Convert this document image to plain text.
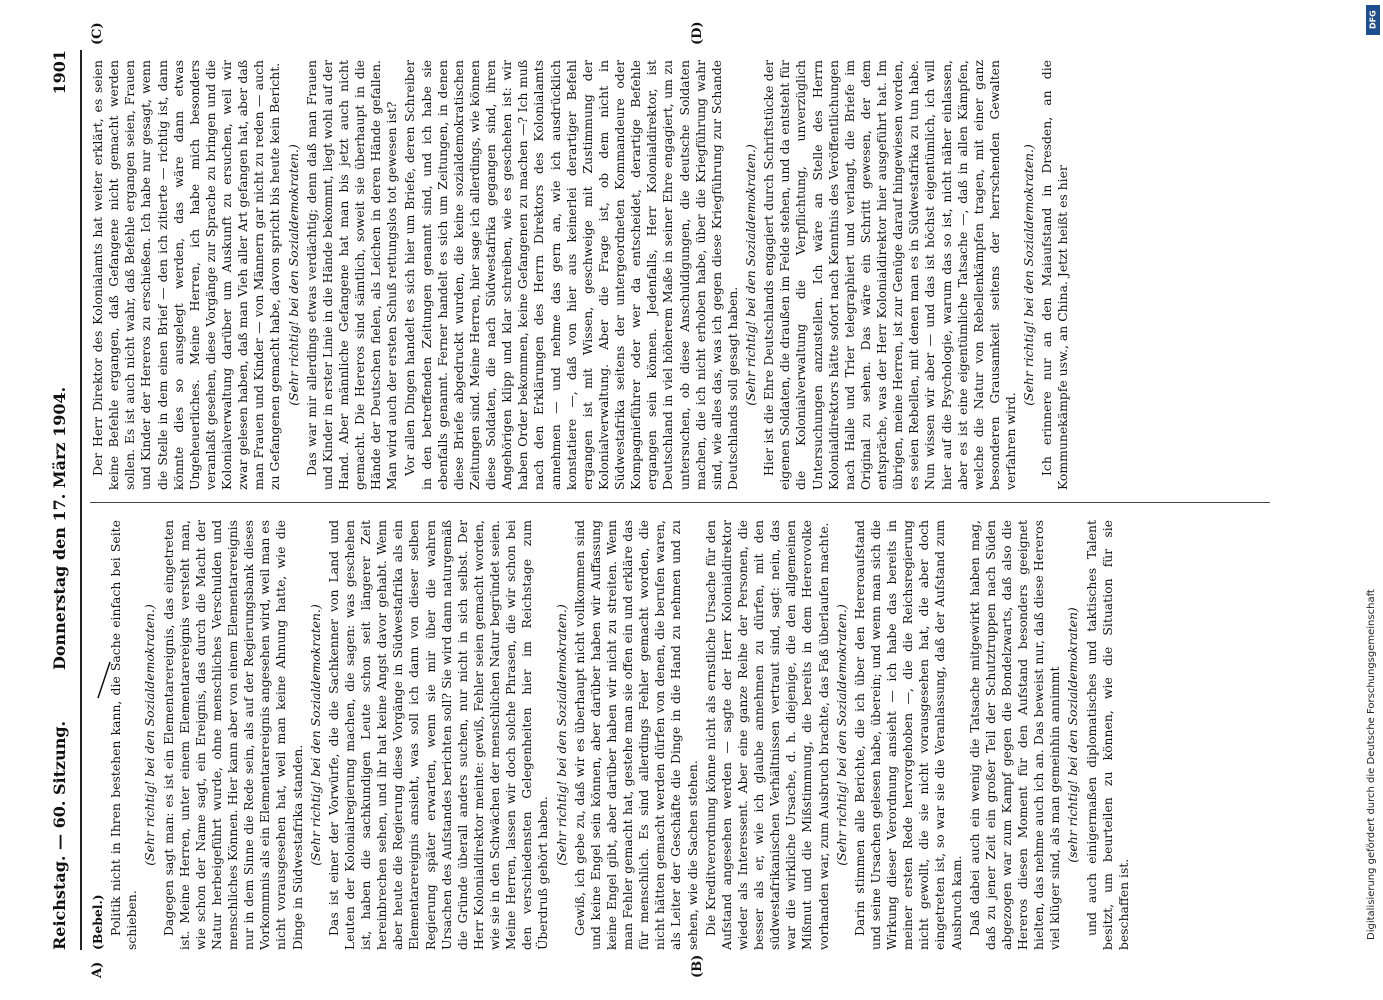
Reichstag. — 60. Sitzung.
Donnerstag den 17. März 1904.
1901

(Bebel.) Politik nicht in Ihren bestehen kann, die Sache einfach bei Seite schieben.

(Sehr richtig! bei den Sozialdemokraten.) Dagegen sagt man: es ist ein Elementarereignis, das eingetreten ist. Meine Herren, unter einem Elementarereignis versteht man, wie schon der Name sagt, ein Ereignis, das durch die Macht der Natur herbeigeführt wurde, ohne menschliches Verschulden und menschliches Können. Hier kann aber von einem Elementarereignis nur in dem Sinne die Rede sein, als auf der Regierungsbank dieses Vorkommnis als ein Elementarereignis angesehen wird, weil man es nicht vorausgesehen hat, weil man keine Ahnung hatte, wie die Dinge in Südwestafrika standen. (Sehr richtig! bei den Sozialdemokraten.) Das ist einer der Vorwürfe, die die Sachkenner von Land und Leuten der Kolonialregierung machen, die sagen: was geschehen ist, haben die sachkundigen Leute schon seit längerer Zeit hereinbrechen sehen, und ihr hat keine Angst davor gehabt. Wenn aber heute die Regierung diese Vorgänge in Südwestafrika als ein Elementarereignis ansieht, was soll ich dann von dieser selben Regierung später erwarten, wenn sie mir über die wahren Ursachen des Aufstandes berichten soll? Sie wird dann naturgemäß die Gründe überall anders suchen, nur nicht in sich selbst. Der Herr Kolonialdirektor meinte: gewiß, Fehler seien gemacht worden, wie sie in den Schwächen der menschlichen Natur begründet seien. Meine Herren, lassen wir doch solche Phrasen, die wir schon bei den verschiedensten Gelegenheiten hier im Reichstage zum Überdruß gehört haben.

(Sehr richtig! bei den Sozialdemokraten.) Gewiß, ich gebe zu, daß wir es überhaupt nicht vollkommen sind und keine Engel sein können, aber darüber haben wir Auffassung keine Engel gibt, aber darüber haben wir nicht zu streiten. Wenn man Fehler gemacht hat, gestehe man sie offen ein und erkläre das für menschlich. Es sind allerdings Fehler gemacht worden, die nicht hätten gemacht werden dürfen von denen, die berufen waren, als Leiter der Geschäfte die Dinge in die Hand zu nehmen und zu sehen, wie die Sachen stehen. Die Kreditverordnung könne nicht als ernstliche Ursache für den Aufstand angesehen werden — sagte der Herr Kolonialdirektor wieder als Interessent. Aber eine ganze Reihe der Personen, die besser als er, wie ich glaube annehmen zu dürfen, mit den südwestafrikanischen Verhältnissen vertraut sind, sagt: nein, das war die wirkliche Ursache, d. h. diejenige, die den allgemeinen Mißmut und die Mißstimmung, die bereits in dem Hererovolke vorhanden war, zum Ausbruch brachte, das Faß überlaufen machte. (Sehr richtig! bei den Sozialdemokraten.) Darin stimmen alle Berichte, die ich über den Hereroaufstand und seine Ursachen gelesen habe, überein; und wenn man sich die Wirkung dieser Verordnung ansieht — ich habe das bereits in meiner ersten Rede hervorgehoben —, die die Reichsregierung nicht gewollt, die sie nicht vorausgesehen hat, die aber doch eingetreten ist, so war sie die Veranlassung, daß der Aufstand zum Ausbruch kam. Daß dabei auch ein wenig die Tatsache mitgewirkt haben mag, daß zu jener Zeit ein großer Teil der Schutztruppen nach Süden abgezogen war zum Kampf gegen die Bondelzwarts, daß also die Hereros diesen Moment für den Aufstand besonders geeignet hielten, das nehme auch ich an. Das beweist nur, daß diese Hereros viel klüger sind, als man gemeinhin annimmt (sehr richtig! bei den Sozialdemokraten) und auch einigermaßen diplomatisches und taktisches Talent besitzt, um beurteilen zu können, wie die Situation für sie beschaffen ist.

Der Herr Direktor des Kolonialamts hat weiter erklärt, es seien keine Befehle ergangen, daß Gefangene nicht gemacht werden sollen. Es ist auch nicht wahr, daß Befehle ergangen seien, Frauen und Kinder der Hereros zu erschießen. Ich habe nur gesagt, wenn die Stelle in dem einen Brief — den ich zitierte — richtig ist, dann könnte dies so ausgelegt werden, das wäre dann etwas Ungeheuerliches. Meine Herren, ich habe mich besonders veranlaßt gesehen, diese Vorgänge zur Sprache zu bringen und die Kolonialverwaltung darüber um Auskunft zu ersuchen, weil wir zwar gelesen haben, daß man Vieh aller Art gefangen hat, aber daß man Frauen und Kinder — von Männern gar nicht zu reden — auch zu Gefangenen gemacht habe, davon spricht bis heute kein Bericht. (Sehr richtig! bei den Sozialdemokraten.) Das war mir allerdings etwas verdächtig; denn daß man Frauen und Kinder in erster Linie in die Hände bekommt, liegt wohl auf der Hand. Aber männliche Gefangene hat man bis jetzt auch nicht gemacht. Die Hereros sind sämtlich, soweit sie überhaupt in die Hände der Deutschen fielen, als Leichen in deren Hände gefallen. Man wird auch der ersten Schuß rettungslos tot gewesen ist? Vor allen Dingen handelt es sich hier um Briefe, deren Schreiber in den betreffenden Zeitungen genannt sind, und ich habe sie ebenfalls genannt. Ferner handelt es sich um Zeitungen, in denen diese Briefe abgedruckt wurden, die keine sozialdemokratischen Zeitungen sind. Meine Herren, hier sage ich allerdings, wie können diese Soldaten, die nach Südwestafrika gegangen sind, ihren Angehörigen klipp und klar schreiben, wie es geschehen ist: wir haben Order bekommen, keine Gefangenen zu machen —? Ich muß nach den Erklärungen des Herrn Direktors des Kolonialamts annehmen — und nehme das gern an, wie ich ausdrücklich konstatiere —, daß von hier aus keinerlei derartiger Befehl ergangen ist mit Wissen, geschweige mit Zustimmung der Kolonialverwaltung. Aber die Frage ist, ob dem nicht in Südwestafrika seitens der untergeordneten Kommandeure oder Kompagnieführer oder wer da entscheidet, derartige Befehle ergangen sein können. Jedenfalls, Herr Kolonialdirektor, ist Deutschland in viel höherem Maße in seiner Ehre engagiert, um zu untersuchen, ob diese Anschuldigungen, die deutsche Soldaten machen, die ich nicht erhoben habe, über die Kriegführung wahr sind, wie alles das, was ich gegen diese Kriegführung zur Schande Deutschlands soll gesagt haben. (Sehr richtig! bei den Sozialdemokraten.) Hier ist die Ehre Deutschlands engagiert durch Schriftstücke der eigenen Soldaten, die draußen im Felde stehen, und da entsteht für die Kolonialverwaltung die Verpflichtung, unverzüglich Untersuchungen anzustellen. Ich wäre an Stelle des Herrn Kolonialdirektors hätte sofort nach Kenntnis des Veröffentlichungen nach Halle und Trier telegraphiert und verlangt, die Briefe im Original zu sehen. Das wäre ein Schritt gewesen, der dem entspräche, was der Herr Kolonialdirektor hier ausgeführt hat. Im übrigen, meine Herren, ist zur Genüge darauf hingewiesen worden, es seien Rebellen, mit denen man es in Südwestafrika zu tun habe. Nun wissen wir aber — und das ist höchst eigentümlich, ich will hier auf die Psychologie, warum das so ist, nicht näher einlassen, aber es ist eine eigentümliche Tatsache —, daß in allen Kämpfen, welche die Natur von Rebellenkämpfen tragen, mit einer ganz besonderen Grausamkeit seitens der herrschenden Gewalten verfahren wird.

(Sehr richtig! bei den Sozialdemokraten.) Ich erinnere nur an den Maiaufstand in Dresden, an die Kommunekämpfe usw., an China. Jetzt heißt es hier

A)	(B)
(C)	(D)
DFG
Digitalisierung gefördert durch die Deutsche Forschungsgemeinschaft
